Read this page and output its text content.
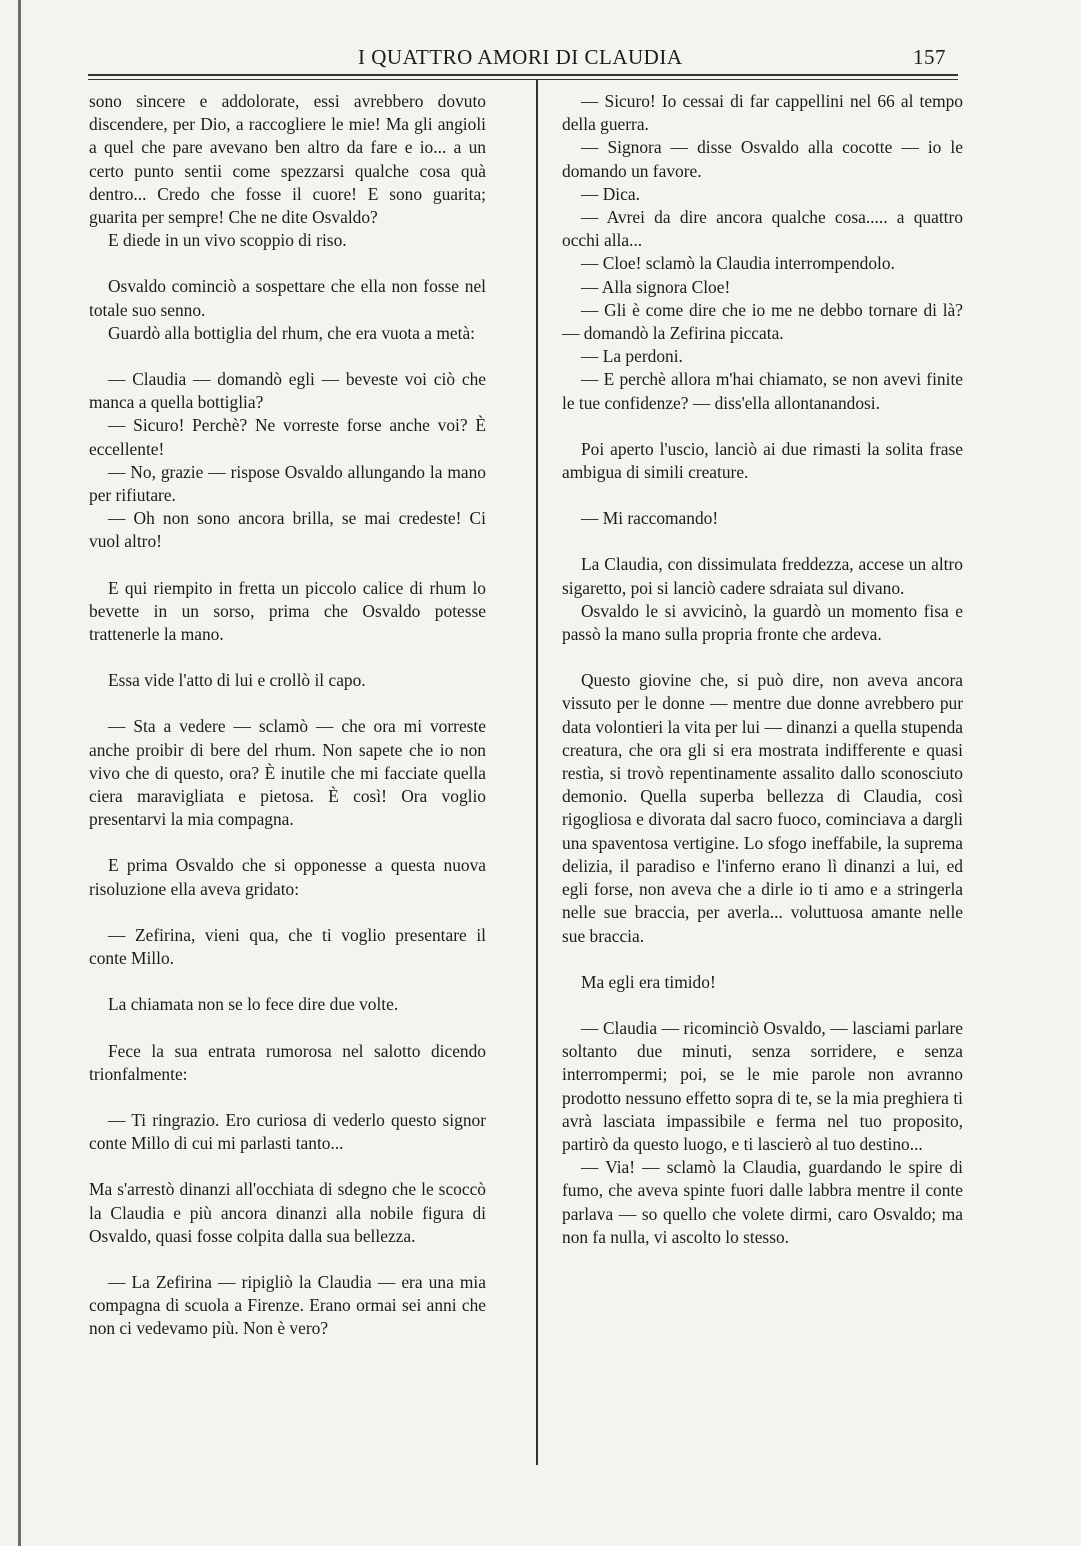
I QUATTRO AMORI DI CLAUDIA	157

sono sincere e addolorate, essi avrebbero dovuto discendere, per Dio, a raccogliere le mie! Ma gli angioli a quel che pare avevano ben altro da fare e io... a un certo punto sentii come spezzarsi qualche cosa quà dentro... Credo che fosse il cuore! E sono guarita; guarita per sempre! Che ne dite Osvaldo?

E diede in un vivo scoppio di riso.

Osvaldo cominciò a sospettare che ella non fosse nel totale suo senno.

Guardò alla bottiglia del rhum, che era vuota a metà:

— Claudia — domandò egli — beveste voi ciò che manca a quella bottiglia?

— Sicuro! Perchè? Ne vorreste forse anche voi? È eccellente!

— No, grazie — rispose Osvaldo allungando la mano per rifiutare.

— Oh non sono ancora brilla, se mai credeste! Ci vuol altro!

E qui riempito in fretta un piccolo calice di rhum lo bevette in un sorso, prima che Osvaldo potesse trattenerle la mano.

Essa vide l'atto di lui e crollò il capo.

— Sta a vedere — sclamò — che ora mi vorreste anche proibir di bere del rhum. Non sapete che io non vivo che di questo, ora? È inutile che mi facciate quella ciera maravigliata e pietosa. È così! Ora voglio presentarvi la mia compagna.

E prima Osvaldo che si opponesse a questa nuova risoluzione ella aveva gridato:

— Zefirina, vieni qua, che ti voglio presentare il conte Millo.

La chiamata non se lo fece dire due volte.

Fece la sua entrata rumorosa nel salotto dicendo trionfalmente:

— Ti ringrazio. Ero curiosa di vederlo questo signor conte Millo di cui mi parlasti tanto...

Ma s'arrestò dinanzi all'occhiata di sdegno che le scoccò la Claudia e più ancora dinanzi alla nobile figura di Osvaldo, quasi fosse colpita dalla sua bellezza.

— La Zefirina — ripigliò la Claudia — era una mia compagna di scuola a Firenze. Erano ormai sei anni che non ci vedevamo più. Non è vero?

— Sicuro! Io cessai di far cappellini nel 66 al tempo della guerra.

— Signora — disse Osvaldo alla cocotte — io le domando un favore.

— Dica.

— Avrei da dire ancora qualche cosa..... a quattro occhi alla...

— Cloe! sclamò la Claudia interrompendolo.

— Alla signora Cloe!

— Gli è come dire che io me ne debbo tornare di là? — domandò la Zefirina piccata.

— La perdoni.

— E perchè allora m'hai chiamato, se non avevi finite le tue confidenze? — diss'ella allontanandosi.

Poi aperto l'uscio, lanciò ai due rimasti la solita frase ambigua di simili creature.

— Mi raccomando!

La Claudia, con dissimulata freddezza, accese un altro sigaretto, poi si lanciò cadere sdraiata sul divano.

Osvaldo le si avvicinò, la guardò un momento fisa e passò la mano sulla propria fronte che ardeva.

Questo giovine che, si può dire, non aveva ancora vissuto per le donne — mentre due donne avrebbero pur data volontieri la vita per lui — dinanzi a quella stupenda creatura, che ora gli si era mostrata indifferente e quasi restìa, si trovò repentinamente assalito dallo sconosciuto demonio. Quella superba bellezza di Claudia, così rigogliosa e divorata dal sacro fuoco, cominciava a dargli una spaventosa vertigine. Lo sfogo ineffabile, la suprema delizia, il paradiso e l'inferno erano lì dinanzi a lui, ed egli forse, non aveva che a dirle io ti amo e a stringerla nelle sue braccia, per averla... voluttuosa amante nelle sue braccia.

Ma egli era timido!

— Claudia — ricominciò Osvaldo, — lasciami parlare soltanto due minuti, senza sorridere, e senza interrompermi; poi, se le mie parole non avranno prodotto nessuno effetto sopra di te, se la mia preghiera ti avrà lasciata impassibile e ferma nel tuo proposito, partirò da questo luogo, e ti lascierò al tuo destino...

— Via! — sclamò la Claudia, guardando le spire di fumo, che aveva spinte fuori dalle labbra mentre il conte parlava — so quello che volete dirmi, caro Osvaldo; ma non fa nulla, vi ascolto lo stesso.
